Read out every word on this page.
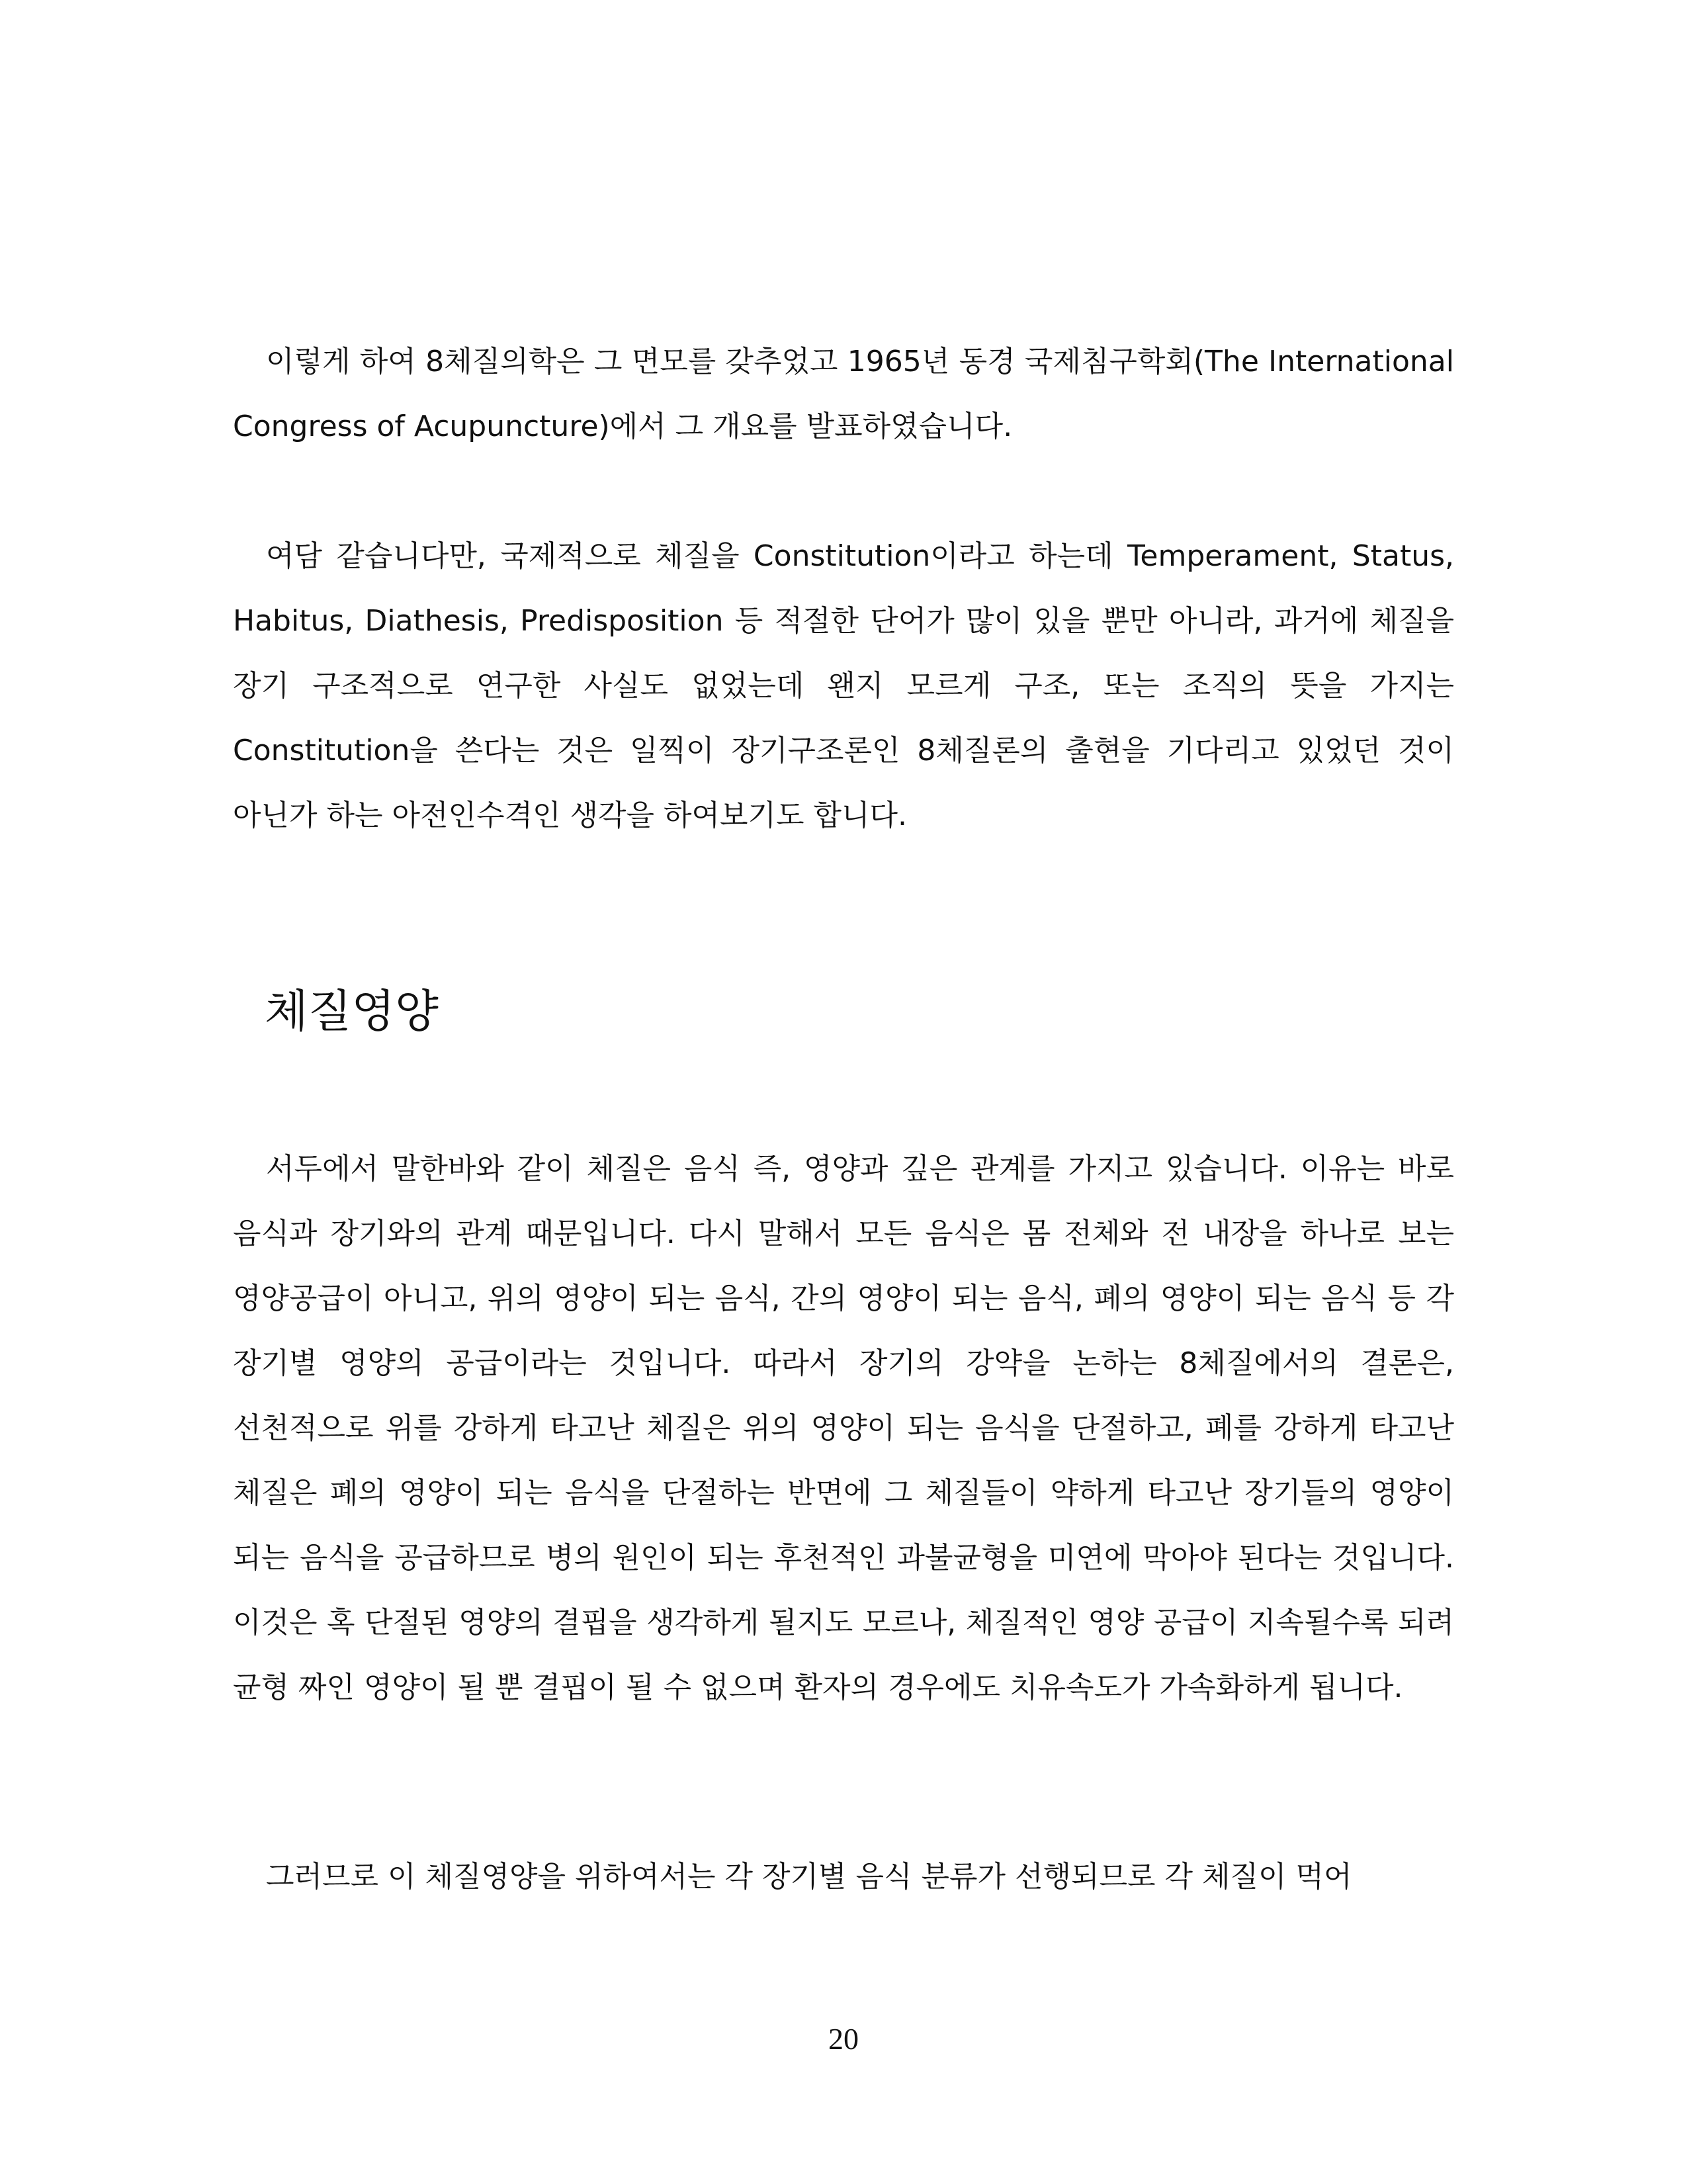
이렇게 하여 8체질의학은 그 면모를 갖추었고 1965년 동경 국제침구학회(The International Congress of Acupuncture)에서 그 개요를 발표하였습니다.

여담 같습니다만, 국제적으로 체질을 Constitution이라고 하는데 Temperament, Status, Habitus, Diathesis, Predisposition 등 적절한 단어가 많이 있을 뿐만 아니라, 과거에 체질을 장기 구조적으로 연구한 사실도 없었는데 왠지 모르게 구조, 또는 조직의 뜻을 가지는 Constitution을 쓴다는 것은 일찍이 장기구조론인 8체질론의 출현을 기다리고 있었던 것이 아닌가 하는 아전인수격인 생각을 하여보기도 합니다.

체질영양

서두에서 말한바와 같이 체질은 음식 즉, 영양과 깊은 관계를 가지고 있습니다. 이유는 바로 음식과 장기와의 관계 때문입니다. 다시 말해서 모든 음식은 몸 전체와 전 내장을 하나로 보는 영양공급이 아니고, 위의 영양이 되는 음식, 간의 영양이 되는 음식, 폐의 영양이 되는 음식 등 각 장기별 영양의 공급이라는 것입니다. 따라서 장기의 강약을 논하는 8체질에서의 결론은, 선천적으로 위를 강하게 타고난 체질은 위의 영양이 되는 음식을 단절하고, 폐를 강하게 타고난 체질은 폐의 영양이 되는 음식을 단절하는 반면에 그 체질들이 약하게 타고난 장기들의 영양이 되는 음식을 공급하므로 병의 원인이 되는 후천적인 과불균형을 미연에 막아야 된다는 것입니다. 이것은 혹 단절된 영양의 결핍을 생각하게 될지도 모르나, 체질적인 영양 공급이 지속될수록 되려 균형 짜인 영양이 될 뿐 결핍이 될 수 없으며 환자의 경우에도 치유속도가 가속화하게 됩니다.

그러므로 이 체질영양을 위하여서는 각 장기별 음식 분류가 선행되므로 각 체질이 먹어

20
